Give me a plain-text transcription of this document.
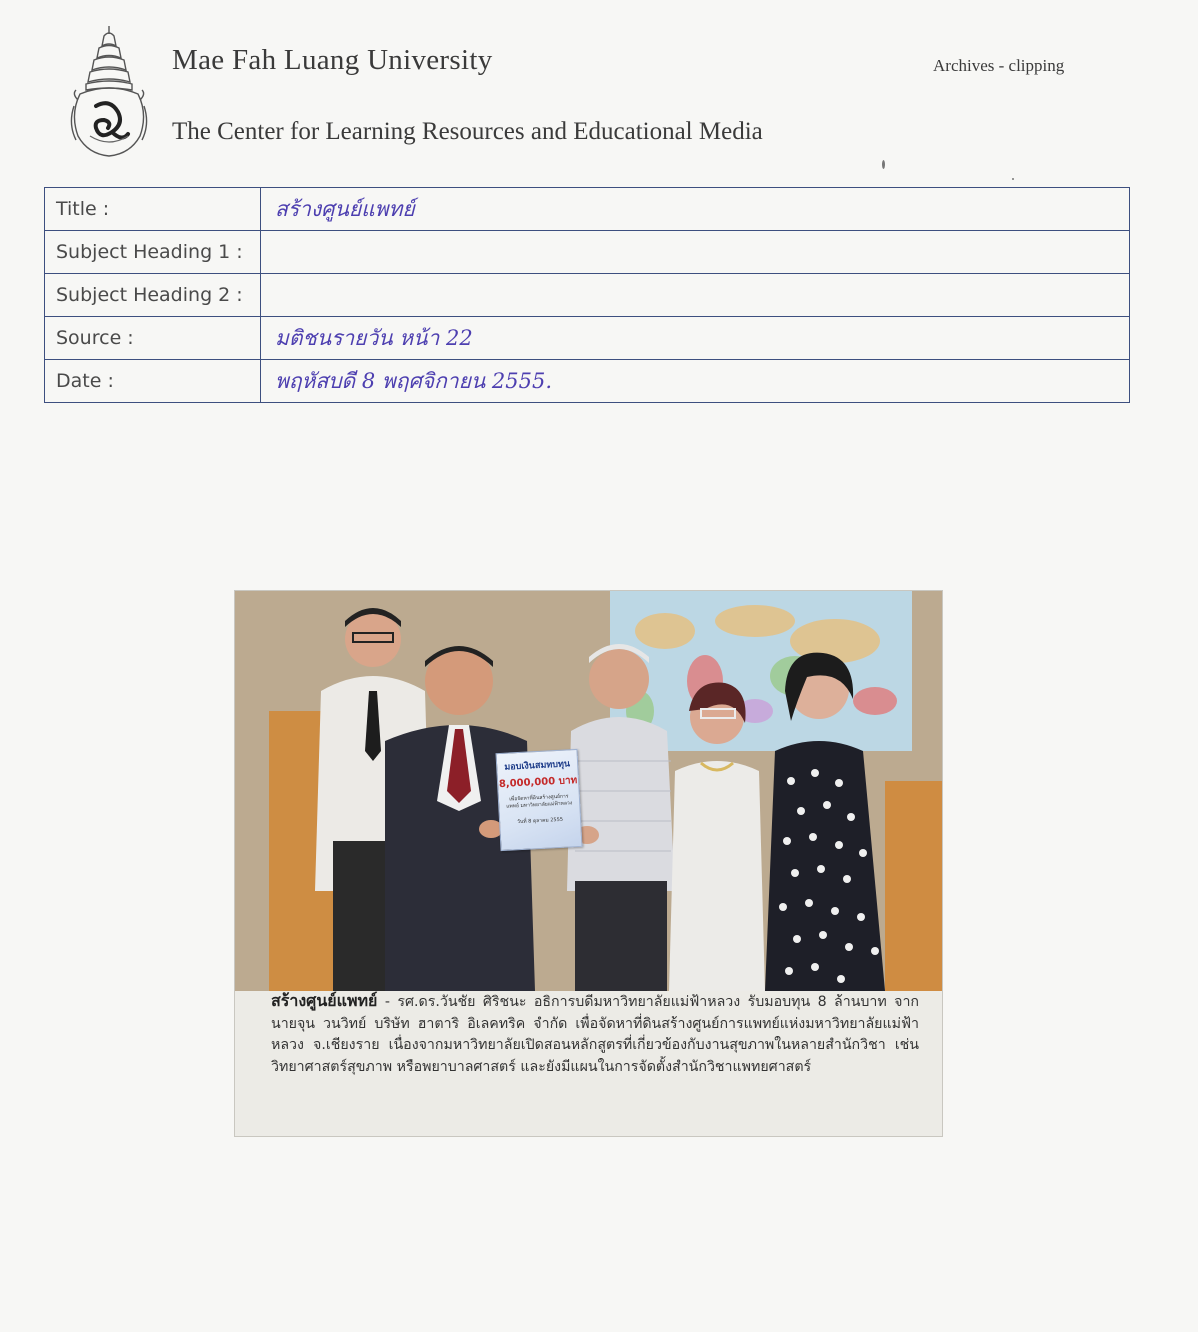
Mae Fah Luang University
The Center for Learning Resources and Educational Media
Archives - clipping
Title :	สร้างศูนย์แพทย์
Subject Heading 1 :	
Subject Heading 2 :	
Source :	มติชนรายวัน หน้า 22
Date :	พฤหัสบดี 8 พฤศจิกายน 2555.
มอบเงินสมทบทุน
8,000,000 บาท
เพื่อจัดหาที่ดินสร้างศูนย์การแพทย์ มหาวิทยาลัยแม่ฟ้าหลวง
วันที่ 8 ตุลาคม 2555
สร้างศูนย์แพทย์ - รศ.ดร.วันชัย ศิริชนะ อธิการบดีมหาวิทยาลัยแม่ฟ้าหลวง รับมอบทุน 8 ล้านบาท จากนายจุน วนวิทย์ บริษัท ฮาตาริ อิเลคทริค จำกัด เพื่อจัดหาที่ดินสร้างศูนย์การแพทย์แห่งมหาวิทยาลัยแม่ฟ้าหลวง จ.เชียงราย เนื่องจากมหาวิทยาลัยเปิดสอนหลักสูตรที่เกี่ยวข้องกับงานสุขภาพในหลายสำนักวิชา เช่น วิทยาศาสตร์สุขภาพ หรือพยาบาลศาสตร์ และยังมีแผนในการจัดตั้งสำนักวิชาแพทยศาสตร์
